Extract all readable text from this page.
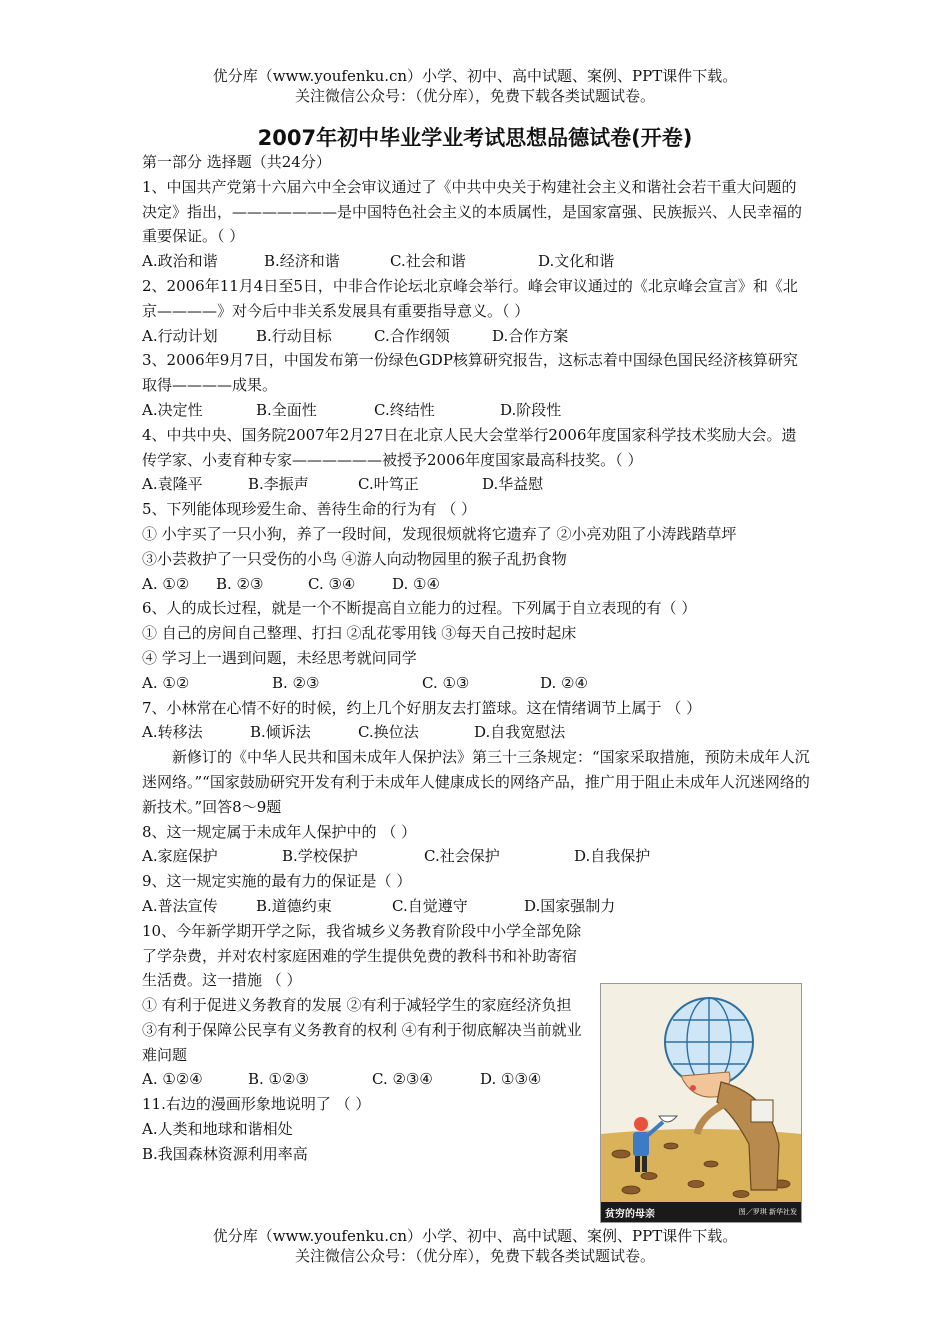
优分库（www.youfenku.cn）小学、初中、高中试题、案例、PPT课件下载。
关注微信公众号：（优分库），免费下载各类试题试卷。
2007年初中毕业学业考试思想品德试卷(开卷)

第一部分 选择题（共24分）

1、中国共产党第十六届六中全会审议通过了《中共中央关于构建社会主义和谐社会若干重大问题的决定》指出，———————是中国特色社会主义的本质属性，是国家富强、民族振兴、人民幸福的重要保证。（ ）

A.政治和谐	B.经济和谐	C.社会和谐	D.文化和谐

2、2006年11月4日至5日，中非合作论坛北京峰会举行。峰会审议通过的《北京峰会宣言》和《北京————》对今后中非关系发展具有重要指导意义。（ ）

A.行动计划	B.行动目标	C.合作纲领	D.合作方案

3、2006年9月7日，中国发布第一份绿色GDP核算研究报告，这标志着中国绿色国民经济核算研究取得————成果。

A.决定性	B.全面性	C.终结性	D.阶段性

4、中共中央、国务院2007年2月27日在北京人民大会堂举行2006年度国家科学技术奖励大会。遗传学家、小麦育种专家——————被授予2006年度国家最高科技奖。（ ）

A.袁隆平	B.李振声	C.叶笃正	D.华益慰

5、下列能体现珍爱生命、善待生命的行为有 （ ）

① 小宇买了一只小狗，养了一段时间，发现很烦就将它遗弃了 ②小亮劝阻了小涛践踏草坪

③小芸救护了一只受伤的小鸟 ④游人向动物园里的猴子乱扔食物

A. ①②	B. ②③	C. ③④	D. ①④

6、人的成长过程，就是一个不断提高自立能力的过程。下列属于自立表现的有（ ）

① 自己的房间自己整理、打扫 ②乱花零用钱 ③每天自己按时起床

④ 学习上一遇到问题，未经思考就问同学

A. ①②	B. ②③	C. ①③	D. ②④

7、小林常在心情不好的时候，约上几个好朋友去打篮球。这在情绪调节上属于 （ ）

A.转移法	B.倾诉法	C.换位法	D.自我宽慰法

新修订的《中华人民共和国未成年人保护法》第三十三条规定：“国家采取措施，预防未成年人沉迷网络。”“国家鼓励研究开发有利于未成年人健康成长的网络产品，推广用于阻止未成年人沉迷网络的新技术。”回答8～9题

8、这一规定属于未成年人保护中的 （ ）

A.家庭保护	B.学校保护	C.社会保护	D.自我保护

9、这一规定实施的最有力的保证是（ ）

A.普法宣传	B.道德约束	C.自觉遵守	D.国家强制力

10、今年新学期开学之际，我省城乡义务教育阶段中小学全部免除了学杂费，并对农村家庭困难的学生提供免费的教科书和补助寄宿生活费。这一措施 （ ）

① 有利于促进义务教育的发展 ②有利于减轻学生的家庭经济负担 ③有利于保障公民享有义务教育的权利 ④有利于彻底解决当前就业难问题

A. ①②④	B. ①②③	C. ②③④	D. ①③④

11.右边的漫画形象地说明了 （ ）

A.人类和地球和谐相处

B.我国森林资源利用率高

贫穷的母亲	图／罗琪 新华社发
优分库（www.youfenku.cn）小学、初中、高中试题、案例、PPT课件下载。
关注微信公众号：（优分库），免费下载各类试题试卷。
